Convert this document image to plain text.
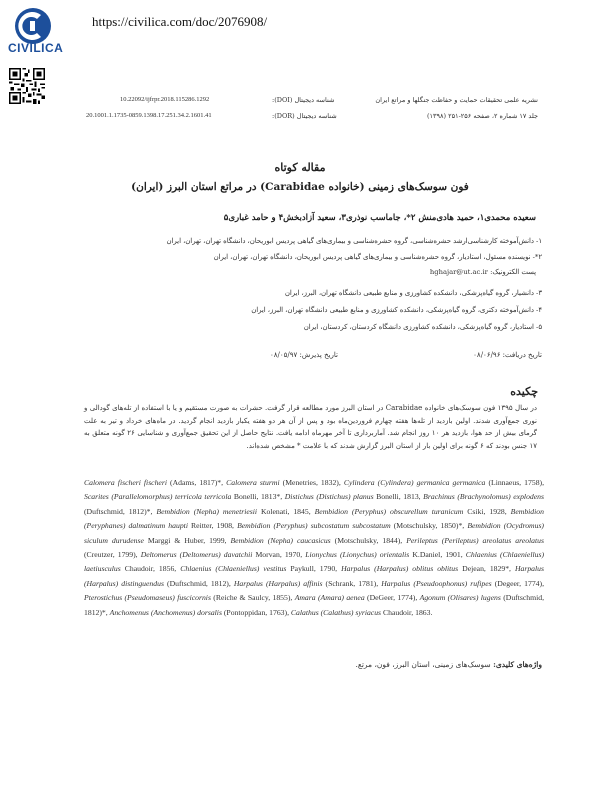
CIVILICA
https://civilica.com/doc/2076908/
نشریه علمی تحقیقات حمایت و حفاظت جنگلها و مراتع ایران
جلد ۱۷ شماره ۲، صفحه ۲۵۶-۲۵۱ (۱۳۹۸)
شناسه دیجیتال (DOI):
شناسه دیجیتال (DOR):
10.22092/ijfrpr.2018.115286.1292
20.1001.1.1735-0859.1398.17.251.34.2.1601.41
مقاله کوتاه
فون سوسک‌های زمینی (خانواده Carabidae) در مراتع استان البرز (ایران)
سعیده محمدی۱، حمید هادی‌منش ۲*، جاماسب نوذری۳، سعید آزادبخش۴ و حامد غباری۵
۱- دانش‌آموخته کارشناسی‌ارشد حشره‌شناسی، گروه حشره‌شناسی و بیماری‌های گیاهی پردیس ابوریحان، دانشگاه تهران، تهران، ایران
۲*- نویسنده مسئول، استادیار، گروه حشره‌شناسی و بیماری‌های گیاهی پردیس ابوریحان، دانشگاه تهران، تهران، ایران
پست الکترونیک: hghajar@ut.ac.ir
۳- دانشیار، گروه گیاه‌پزشکی، دانشکده کشاورزی و منابع طبیعی دانشگاه تهران، البرز، ایران
۴- دانش‌آموخته دکتری، گروه گیاه‌پزشکی، دانشکده کشاورزی و منابع طبیعی دانشگاه تهران، البرز، ایران
۵- استادیار، گروه گیاه‌پزشکی، دانشکده کشاورزی دانشگاه کردستان، کردستان، ایران
تاریخ دریافت: ۰۸/۰۶/۹۶
تاریخ پذیرش: ۰۸/۰۵/۹۷
چکیده
در سال ۱۳۹۵ فون سوسک‌های خانواده Carabidae در استان البرز مورد مطالعه قرار گرفت. حشرات به صورت مستقیم و یا با استفاده از تله‌های گودالی و نوری جمع‌آوری شدند. اولین بازدید از تله‌ها هفته چهارم فروردین‌ماه بود و پس از آن هر دو هفته یکبار بازدید انجام گردید. در ماه‌های خرداد و تیر به علت گرمای بیش از حد هوا، بازدید هر ۱۰ روز انجام شد. آماربرداری تا آخر مهرماه ادامه یافت. نتایج حاصل از این تحقیق جمع‌آوری و شناسایی ۲۶ گونه متعلق به ۱۷ جنس بودند که ۶ گونه برای اولین بار از استان البرز گزارش شدند که با علامت * مشخص شده‌اند.
Calomera fischeri fischeri (Adams, 1817)*, Calomera sturmi (Menetries, 1832), Cylindera (Cylindera) germanica germanica (Linnaeus, 1758), Scarites (Parallelomorphus) terricola terricola Bonelli, 1813*, Distichus (Distichus) planus Bonelli, 1813, Brachinus (Brachynolomus) explodens (Duftschmid, 1812)*, Bembidion (Nepha) menetriesii Kolenati, 1845, Bembidion (Peryphus) obscurellum turanicum Csiki, 1928, Bembidion (Peryphanes) dalmatinum haupti Reitter, 1908, Bembidion (Peryphus) subcostatum subcostatum (Motschulsky, 1850)*, Bembidion (Ocydromus) siculum durudense Marggi & Huber, 1999, Bembidion (Nepha) caucasicus (Motschulsky, 1844), Perileptus (Perileptus) areolatus areolatus (Creutzer, 1799), Deltomerus (Deltomerus) davatchii Morvan, 1970, Lionychus (Lionychus) orientalis K.Daniel, 1901, Chlaenius (Chlaeniellus) laetiusculus Chaudoir, 1856, Chlaenius (Chlaeniellus) vestitus Paykull, 1790, Harpalus (Harpalus) oblitus oblitus Dejean, 1829*, Harpalus (Harpalus) distinguendus (Duftschmid, 1812), Harpalus (Harpalus) affinis (Schrank, 1781), Harpalus (Pseudoophonus) rufipes (Degeer, 1774), Pterostichus (Pseudomaseus) fuscicornis (Reiche & Saulcy, 1855), Amara (Amara) aenea (DeGeer, 1774), Agonum (Olisares) lugens (Duftschmid, 1812)*, Anchomenus (Anchomenus) dorsalis (Pontoppidan, 1763), Calathus (Calathus) syriacus Chaudoir, 1863.
واژه‌های کلیدی: سوسک‌های زمینی، استان البرز، فون، مرتع.
